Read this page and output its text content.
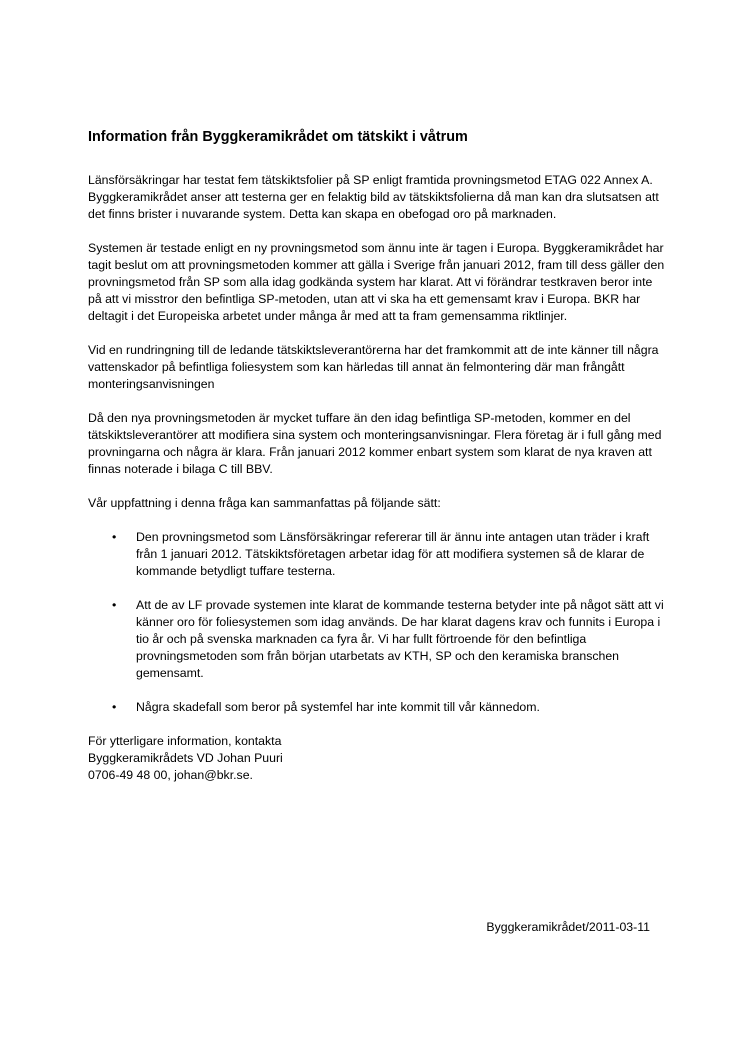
Information från Byggkeramikrådet om tätskikt i våtrum

Länsförsäkringar har testat fem tätskiktsfolier på SP enligt framtida provningsmetod ETAG 022 Annex A. Byggkeramikrådet anser att testerna ger en felaktig bild av tätskiktsfolierna då man kan dra slutsatsen att det finns brister i nuvarande system. Detta kan skapa en obefogad oro på marknaden.

Systemen är testade enligt en ny provningsmetod som ännu inte är tagen i Europa. Byggkeramikrådet har tagit beslut om att provningsmetoden kommer att gälla i Sverige från januari 2012, fram till dess gäller den provningsmetod från SP som alla idag godkända system har klarat. Att vi förändrar testkraven beror inte på att vi misstror den befintliga SP-metoden, utan att vi ska ha ett gemensamt krav i Europa. BKR har deltagit i det Europeiska arbetet under många år med att ta fram gemensamma riktlinjer.

Vid en rundringning till de ledande tätskiktsleverantörerna har det framkommit att de inte känner till några vattenskador på befintliga foliesystem som kan härledas till annat än felmontering där man frångått monteringsanvisningen

Då den nya provningsmetoden är mycket tuffare än den idag befintliga SP-metoden, kommer en del tätskiktsleverantörer att modifiera sina system och monteringsanvisningar. Flera företag är i full gång med provningarna och några är klara. Från januari 2012 kommer enbart system som klarat de nya kraven att finnas noterade i bilaga C till BBV.

Vår uppfattning i denna fråga kan sammanfattas på följande sätt:

• Den provningsmetod som Länsförsäkringar refererar till är ännu inte antagen utan träder i kraft från 1 januari 2012. Tätskiktsföretagen arbetar idag för att modifiera systemen så de klarar de kommande betydligt tuffare testerna.
• Att de av LF provade systemen inte klarat de kommande testerna betyder inte på något sätt att vi känner oro för foliesystemen som idag används. De har klarat dagens krav och funnits i Europa i tio år och på svenska marknaden ca fyra år. Vi har fullt förtroende för den befintliga provningsmetoden som från början utarbetats av KTH, SP och den keramiska branschen gemensamt.
• Några skadefall som beror på systemfel har inte kommit till vår kännedom.
För ytterligare information, kontakta
Byggkeramikrådets VD Johan Puuri
0706-49 48 00, johan@bkr.se.
Byggkeramikrådet/2011-03-11
